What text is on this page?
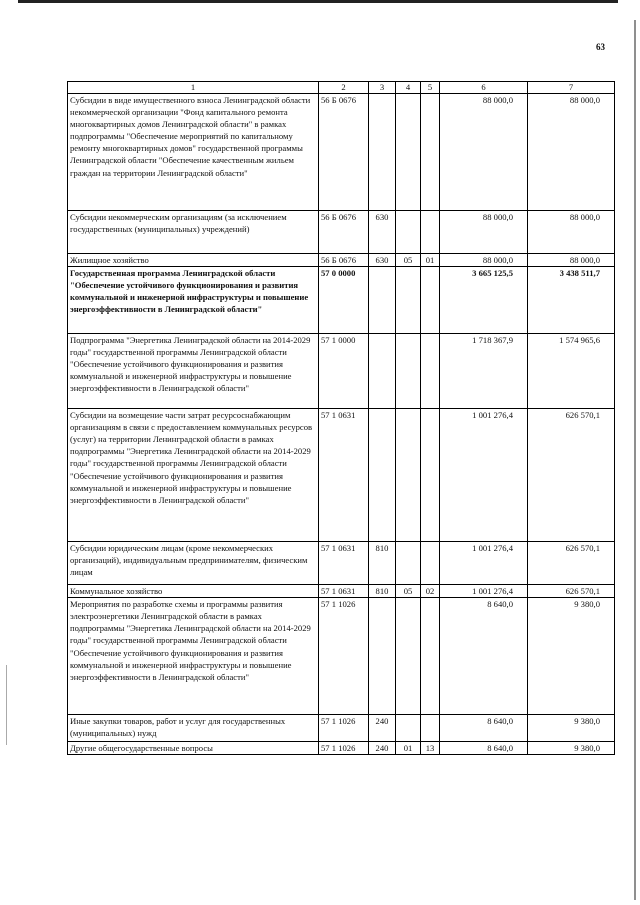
63
1	2	3	4	5	6	7
Субсидии в виде имущественного взноса Ленинградской области некоммерческой организации "Фонд капитального ремонта многоквартирных домов Ленинградской области" в рамках подпрограммы "Обеспечение мероприятий по капитальному ремонту многоквартирных домов" государственной программы Ленинградской области "Обеспечение качественным жильем граждан на территории Ленинградской области"	56 Б 0676				88 000,0	88 000,0
Субсидии некоммерческим организациям (за исключением государственных (муниципальных) учреждений)	56 Б 0676	630			88 000,0	88 000,0
Жилищное хозяйство	56 Б 0676	630	05	01	88 000,0	88 000,0
Государственная программа Ленинградской области "Обеспечение устойчивого функционирования и развития коммунальной и инженерной инфраструктуры и повышение энергоэффективности в Ленинградской области"	57 0 0000				3 665 125,5	3 438 511,7
Подпрограмма "Энергетика Ленинградской области на 2014-2029 годы" государственной программы Ленинградской области "Обеспечение устойчивого функционирования и развития коммунальной и инженерной инфраструктуры и повышение энергоэффективности в Ленинградской области"	57 1 0000				1 718 367,9	1 574 965,6
Субсидии на возмещение части затрат ресурсоснабжающим организациям в связи с предоставлением коммунальных ресурсов (услуг) на территории Ленинградской области в рамках подпрограммы "Энергетика Ленинградской области на 2014-2029 годы" государственной программы Ленинградской области "Обеспечение устойчивого функционирования и развития коммунальной и инженерной инфраструктуры и повышение энергоэффективности в Ленинградской области"	57 1 0631				1 001 276,4	626 570,1
Субсидии юридическим лицам (кроме некоммерческих организаций), индивидуальным предпринимателям, физическим лицам	57 1 0631	810			1 001 276,4	626 570,1
Коммунальное хозяйство	57 1 0631	810	05	02	1 001 276,4	626 570,1
Мероприятия по разработке схемы и программы развития электроэнергетики Ленинградской области в рамках подпрограммы "Энергетика Ленинградской области на 2014-2029 годы" государственной программы Ленинградской области "Обеспечение устойчивого функционирования и развития коммунальной и инженерной инфраструктуры и повышение энергоэффективности в Ленинградской области"	57 1 1026				8 640,0	9 380,0
Иные закупки товаров, работ и услуг для государственных (муниципальных) нужд	57 1 1026	240			8 640,0	9 380,0
Другие общегосударственные вопросы	57 1 1026	240	01	13	8 640,0	9 380,0
